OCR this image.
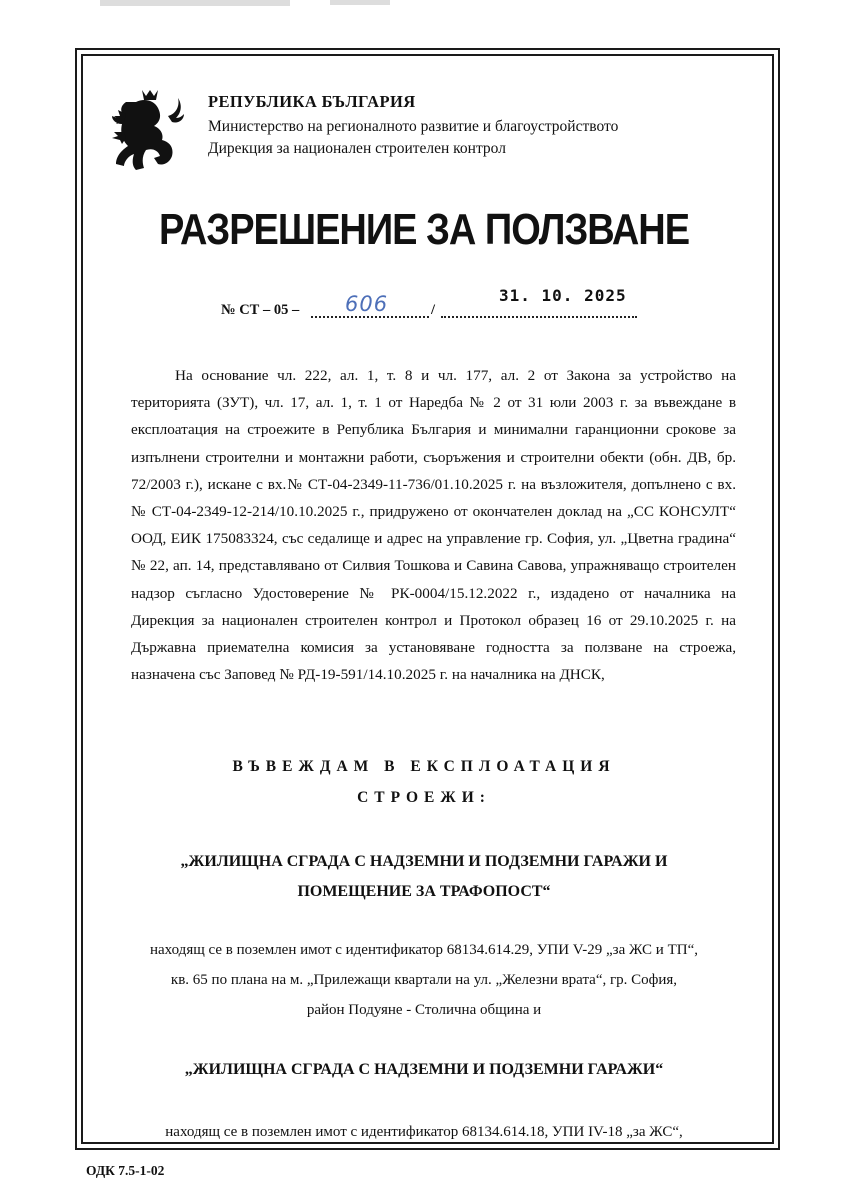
РЕПУБЛИКА БЪЛГАРИЯ
Министерство на регионалното развитие и благоустройството
Дирекция за национален строителен контрол
РАЗРЕШЕНИЕ ЗА ПОЛЗВАНЕ
№ СТ – 05 – 606	/
31. 10. 2025
На основание чл. 222, ал. 1, т. 8 и чл. 177, ал. 2 от Закона за устройство на територията (ЗУТ), чл. 17, ал. 1, т. 1 от Наредба № 2 от 31 юли 2003 г. за въвеждане в експлоатация на строежите в Република България и минимални гаранционни срокове за изпълнени строителни и монтажни работи, съоръжения и строителни обекти (обн. ДВ, бр. 72/2003 г.), искане с вх.№ СТ-04-2349-11-736/01.10.2025 г. на възложителя, допълнено с вх.№ СТ-04-2349-12-214/10.10.2025 г., придружено от окончателен доклад на „СС КОНСУЛТ“ ООД, ЕИК 175083324, със седалище и адрес на управление гр. София, ул. „Цветна градина“ № 22, ап. 14, представлявано от Силвия Тошкова и Савина Савова, упражняващо строителен надзор съгласно Удостоверение № РК-0004/15.12.2022 г., издадено от началника на Дирекция за национален строителен контрол и Протокол образец 16 от 29.10.2025 г. на Държавна приемателна комисия за установяване годността за ползване на строежа, назначена със Заповед № РД-19-591/14.10.2025 г. на началника на ДНСК,
ВЪВЕЖДАМ В ЕКСПЛОАТАЦИЯ
СТРОЕЖИ:
„ЖИЛИЩНА СГРАДА С НАДЗЕМНИ И ПОДЗЕМНИ ГАРАЖИ И
ПОМЕЩЕНИЕ ЗА ТРАФОПОСТ“
находящ се в поземлен имот с идентификатор 68134.614.29, УПИ V-29 „за ЖС и ТП“,
кв. 65 по плана на м. „Прилежащи квартали на ул. „Железни врата“, гр. София,
район Подуяне - Столична община и
„ЖИЛИЩНА СГРАДА С НАДЗЕМНИ И ПОДЗЕМНИ ГАРАЖИ“
находящ се в поземлен имот с идентификатор 68134.614.18, УПИ IV-18 „за ЖС“,
ОДК 7.5-1-02
